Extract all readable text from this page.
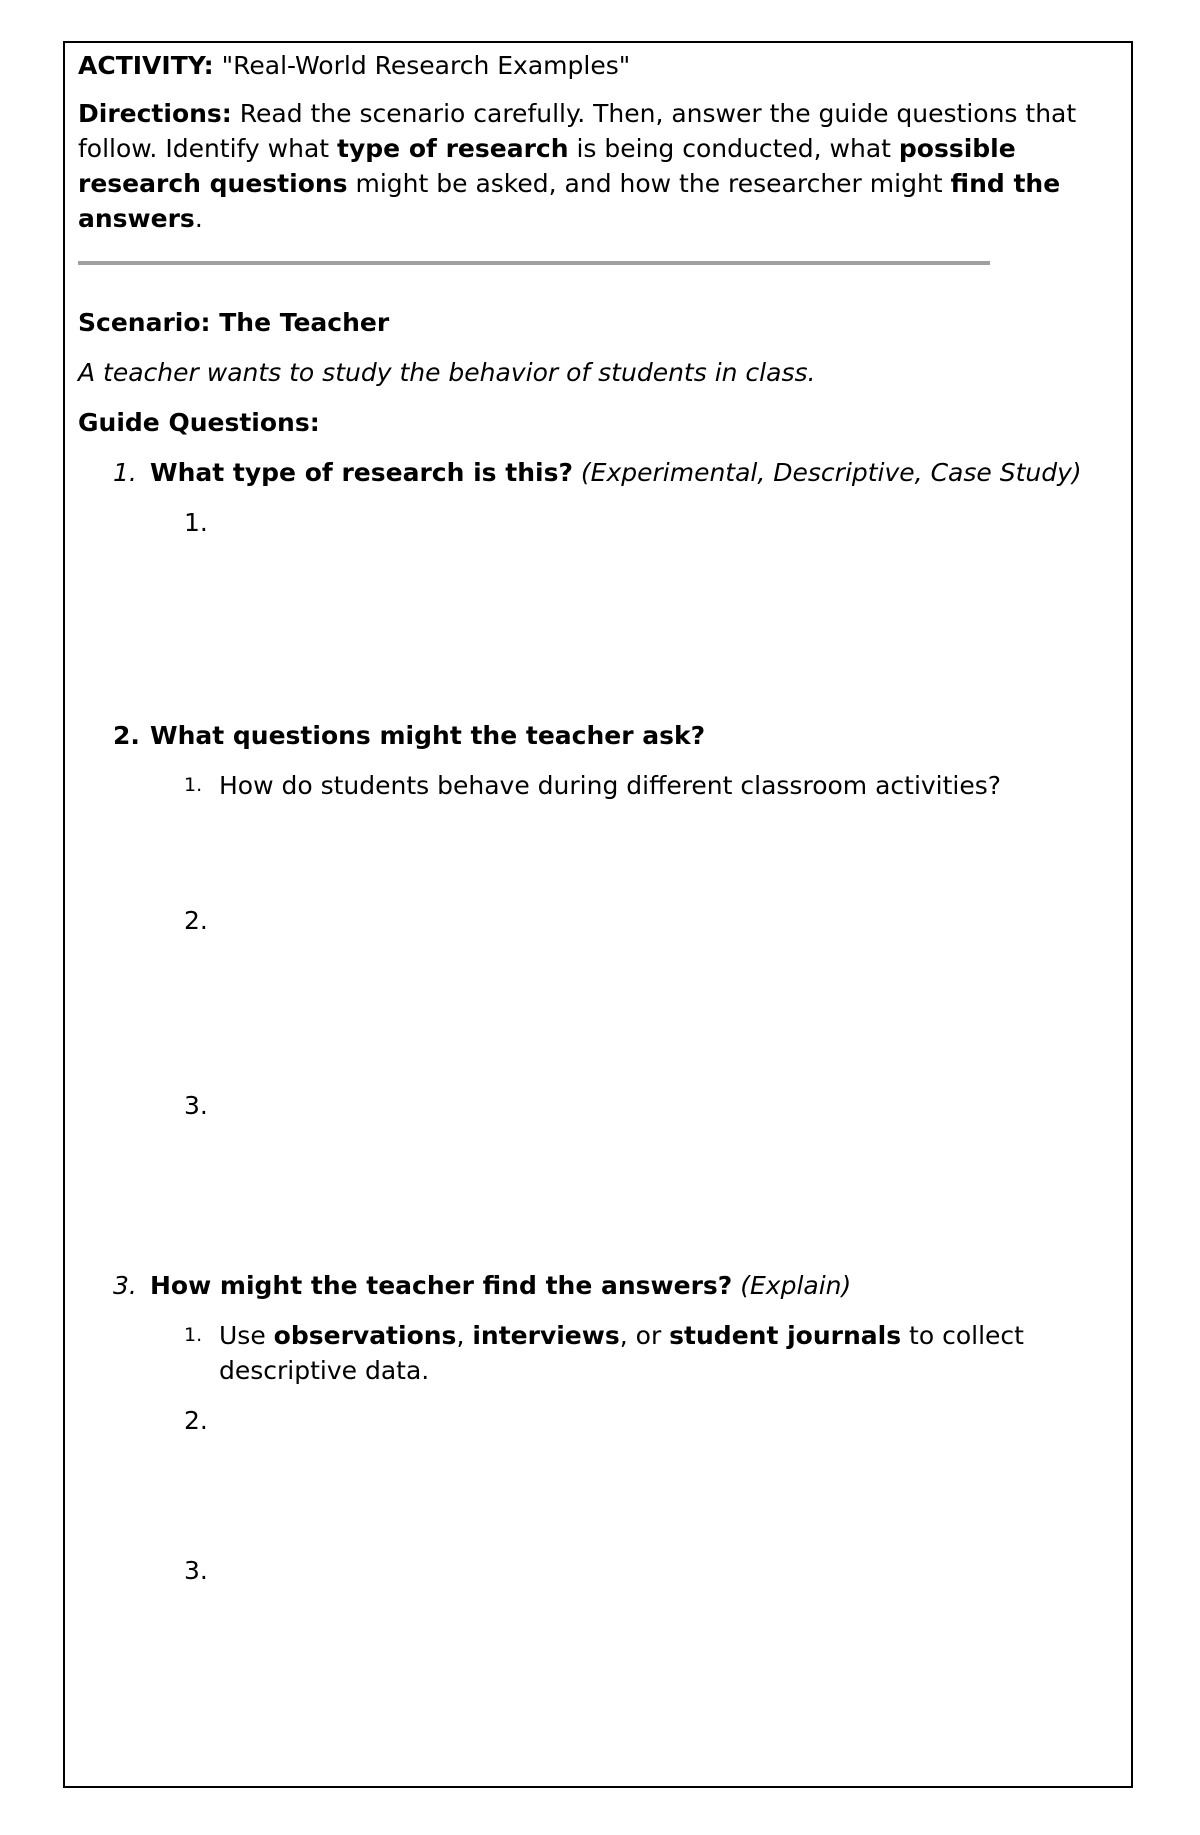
ACTIVITY: "Real-World Research Examples"

Directions: Read the scenario carefully. Then, answer the guide questions that follow. Identify what type of research is being conducted, what possible research questions might be asked, and how the researcher might find the answers.

Scenario: The Teacher

A teacher wants to study the behavior of students in class.

Guide Questions:

1. What type of research is this? (Experimental, Descriptive, Case Study)
1.
2. What questions might the teacher ask?
1. How do students behave during different classroom activities?
2.
3.
3. How might the teacher find the answers? (Explain)
1. Use observations, interviews, or student journals to collect descriptive data.
2.
3.
